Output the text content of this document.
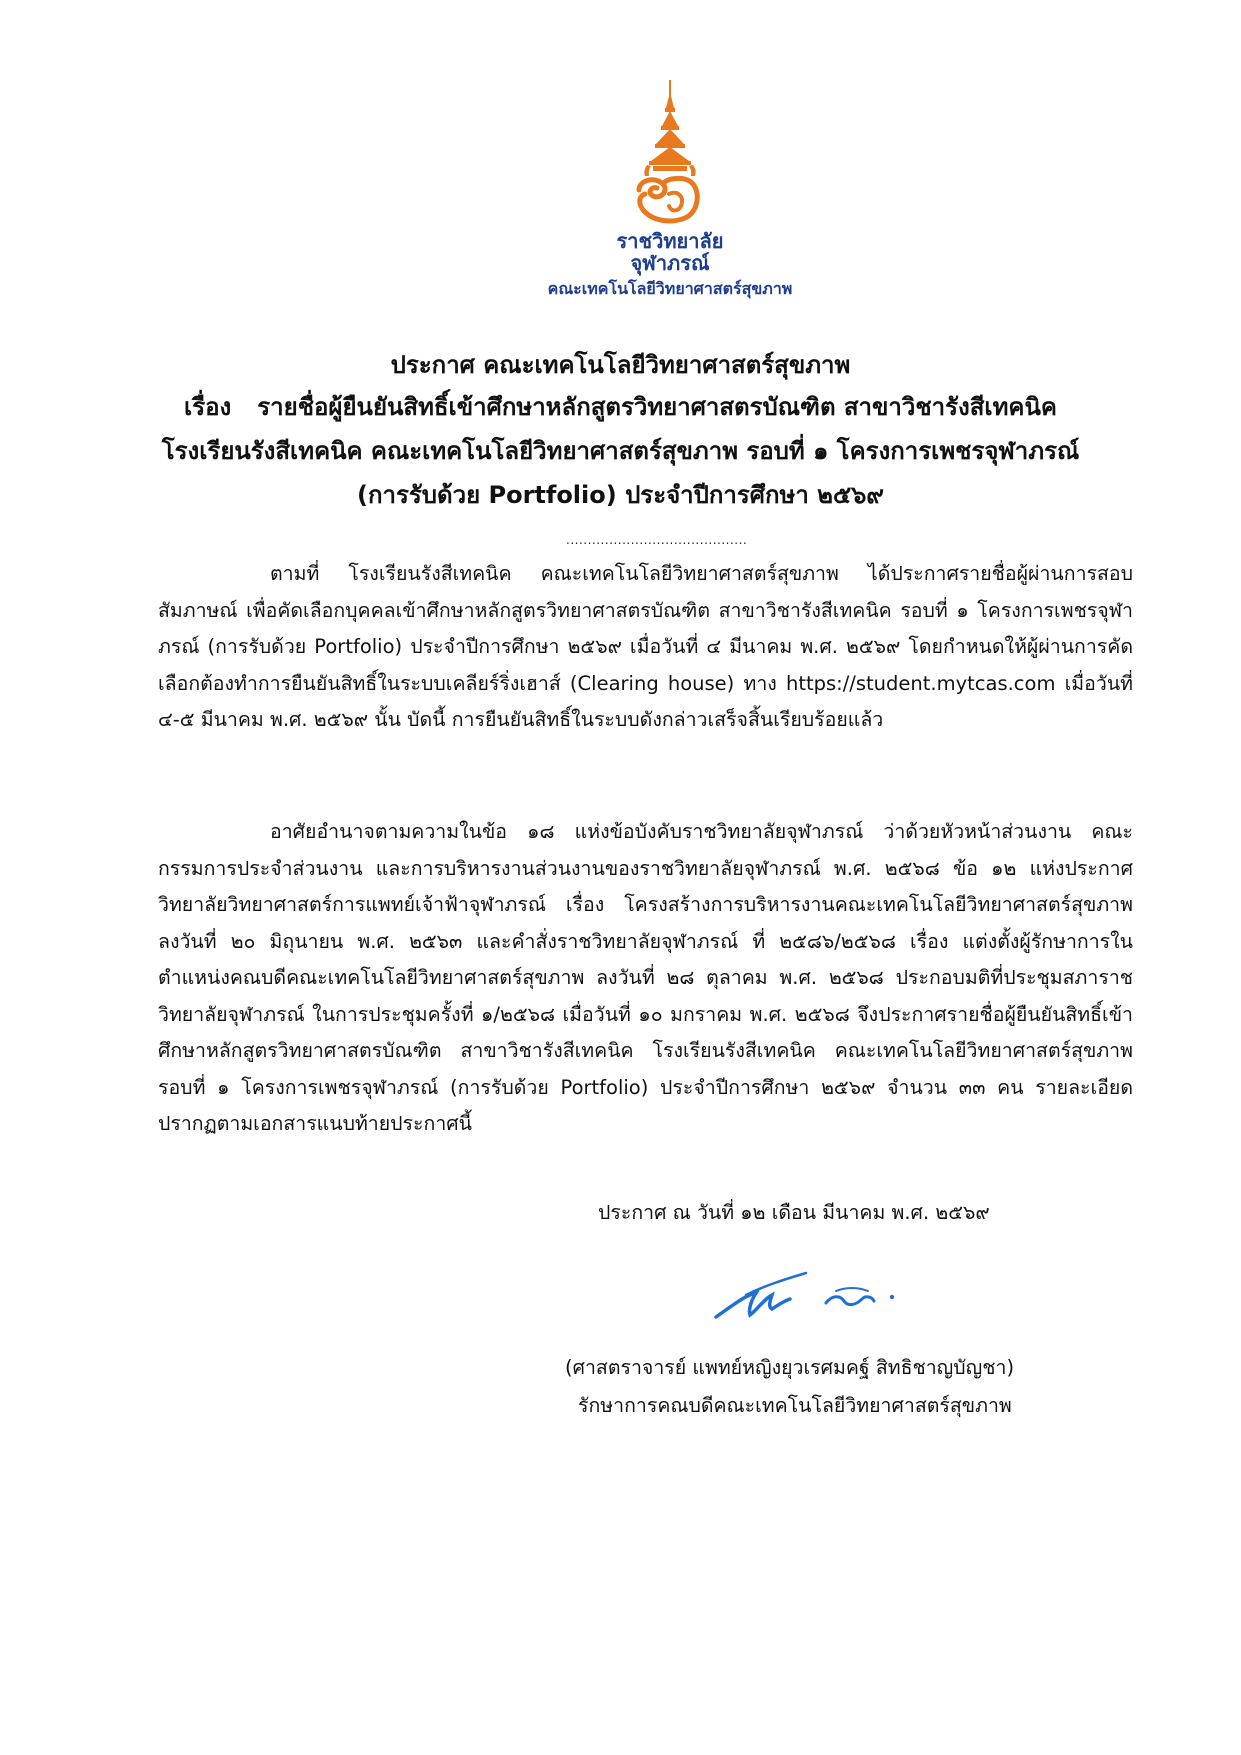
ราชวิทยาลัย
จุฬาภรณ์
คณะเทคโนโลยีวิทยาศาสตร์สุขภาพ
ประกาศ คณะเทคโนโลยีวิทยาศาสตร์สุขภาพ
เรื่อง รายชื่อผู้ยืนยันสิทธิ์เข้าศึกษาหลักสูตรวิทยาศาสตรบัณฑิต สาขาวิชารังสีเทคนิค
โรงเรียนรังสีเทคนิค คณะเทคโนโลยีวิทยาศาสตร์สุขภาพ รอบที่ ๑ โครงการเพชรจุฬาภรณ์
(การรับด้วย Portfolio) ประจำปีการศึกษา ๒๕๖๙
..........................................
ตามที่ โรงเรียนรังสีเทคนิค คณะเทคโนโลยีวิทยาศาสตร์สุขภาพ ได้ประกาศรายชื่อผู้ผ่านการสอบสัมภาษณ์ เพื่อคัดเลือกบุคคลเข้าศึกษาหลักสูตรวิทยาศาสตรบัณฑิต สาขาวิชารังสีเทคนิค รอบที่ ๑ โครงการเพชรจุฬาภรณ์ (การรับด้วย Portfolio) ประจำปีการศึกษา ๒๕๖๙ เมื่อวันที่ ๔ มีนาคม พ.ศ. ๒๕๖๙ โดยกำหนดให้ผู้ผ่านการคัดเลือกต้องทำการยืนยันสิทธิ์ในระบบเคลียร์ริ่งเฮาส์ (Clearing house) ทาง https://student.mytcas.com เมื่อวันที่ ๔-๕ มีนาคม พ.ศ. ๒๕๖๙ นั้น บัดนี้ การยืนยันสิทธิ์ในระบบดังกล่าวเสร็จสิ้นเรียบร้อยแล้ว
อาศัยอำนาจตามความในข้อ ๑๘ แห่งข้อบังคับราชวิทยาลัยจุฬาภรณ์ ว่าด้วยหัวหน้าส่วนงาน คณะกรรมการประจำส่วนงาน และการบริหารงานส่วนงานของราชวิทยาลัยจุฬาภรณ์ พ.ศ. ๒๕๖๘ ข้อ ๑๒ แห่งประกาศวิทยาลัยวิทยาศาสตร์การแพทย์เจ้าฟ้าจุฬาภรณ์ เรื่อง โครงสร้างการบริหารงานคณะเทคโนโลยีวิทยาศาสตร์สุขภาพ ลงวันที่ ๒๐ มิถุนายน พ.ศ. ๒๕๖๓ และคำสั่งราชวิทยาลัยจุฬาภรณ์ ที่ ๒๕๘๖/๒๕๖๘ เรื่อง แต่งตั้งผู้รักษาการในตำแหน่งคณบดีคณะเทคโนโลยีวิทยาศาสตร์สุขภาพ ลงวันที่ ๒๘ ตุลาคม พ.ศ. ๒๕๖๘ ประกอบมติที่ประชุมสภาราชวิทยาลัยจุฬาภรณ์ ในการประชุมครั้งที่ ๑/๒๕๖๘ เมื่อวันที่ ๑๐ มกราคม พ.ศ. ๒๕๖๘ จึงประกาศรายชื่อผู้ยืนยันสิทธิ์เข้าศึกษาหลักสูตรวิทยาศาสตรบัณฑิต สาขาวิชารังสีเทคนิค โรงเรียนรังสีเทคนิค คณะเทคโนโลยีวิทยาศาสตร์สุขภาพ รอบที่ ๑ โครงการเพชรจุฬาภรณ์ (การรับด้วย Portfolio) ประจำปีการศึกษา ๒๕๖๙ จำนวน ๓๓ คน รายละเอียดปรากฏตามเอกสารแนบท้ายประกาศนี้
ประกาศ ณ วันที่ ๑๒ เดือน มีนาคม พ.ศ. ๒๕๖๙
(ศาสตราจารย์ แพทย์หญิงยุวเรศมคฐ์ สิทธิชาญบัญชา)
รักษาการคณบดีคณะเทคโนโลยีวิทยาศาสตร์สุขภาพ
